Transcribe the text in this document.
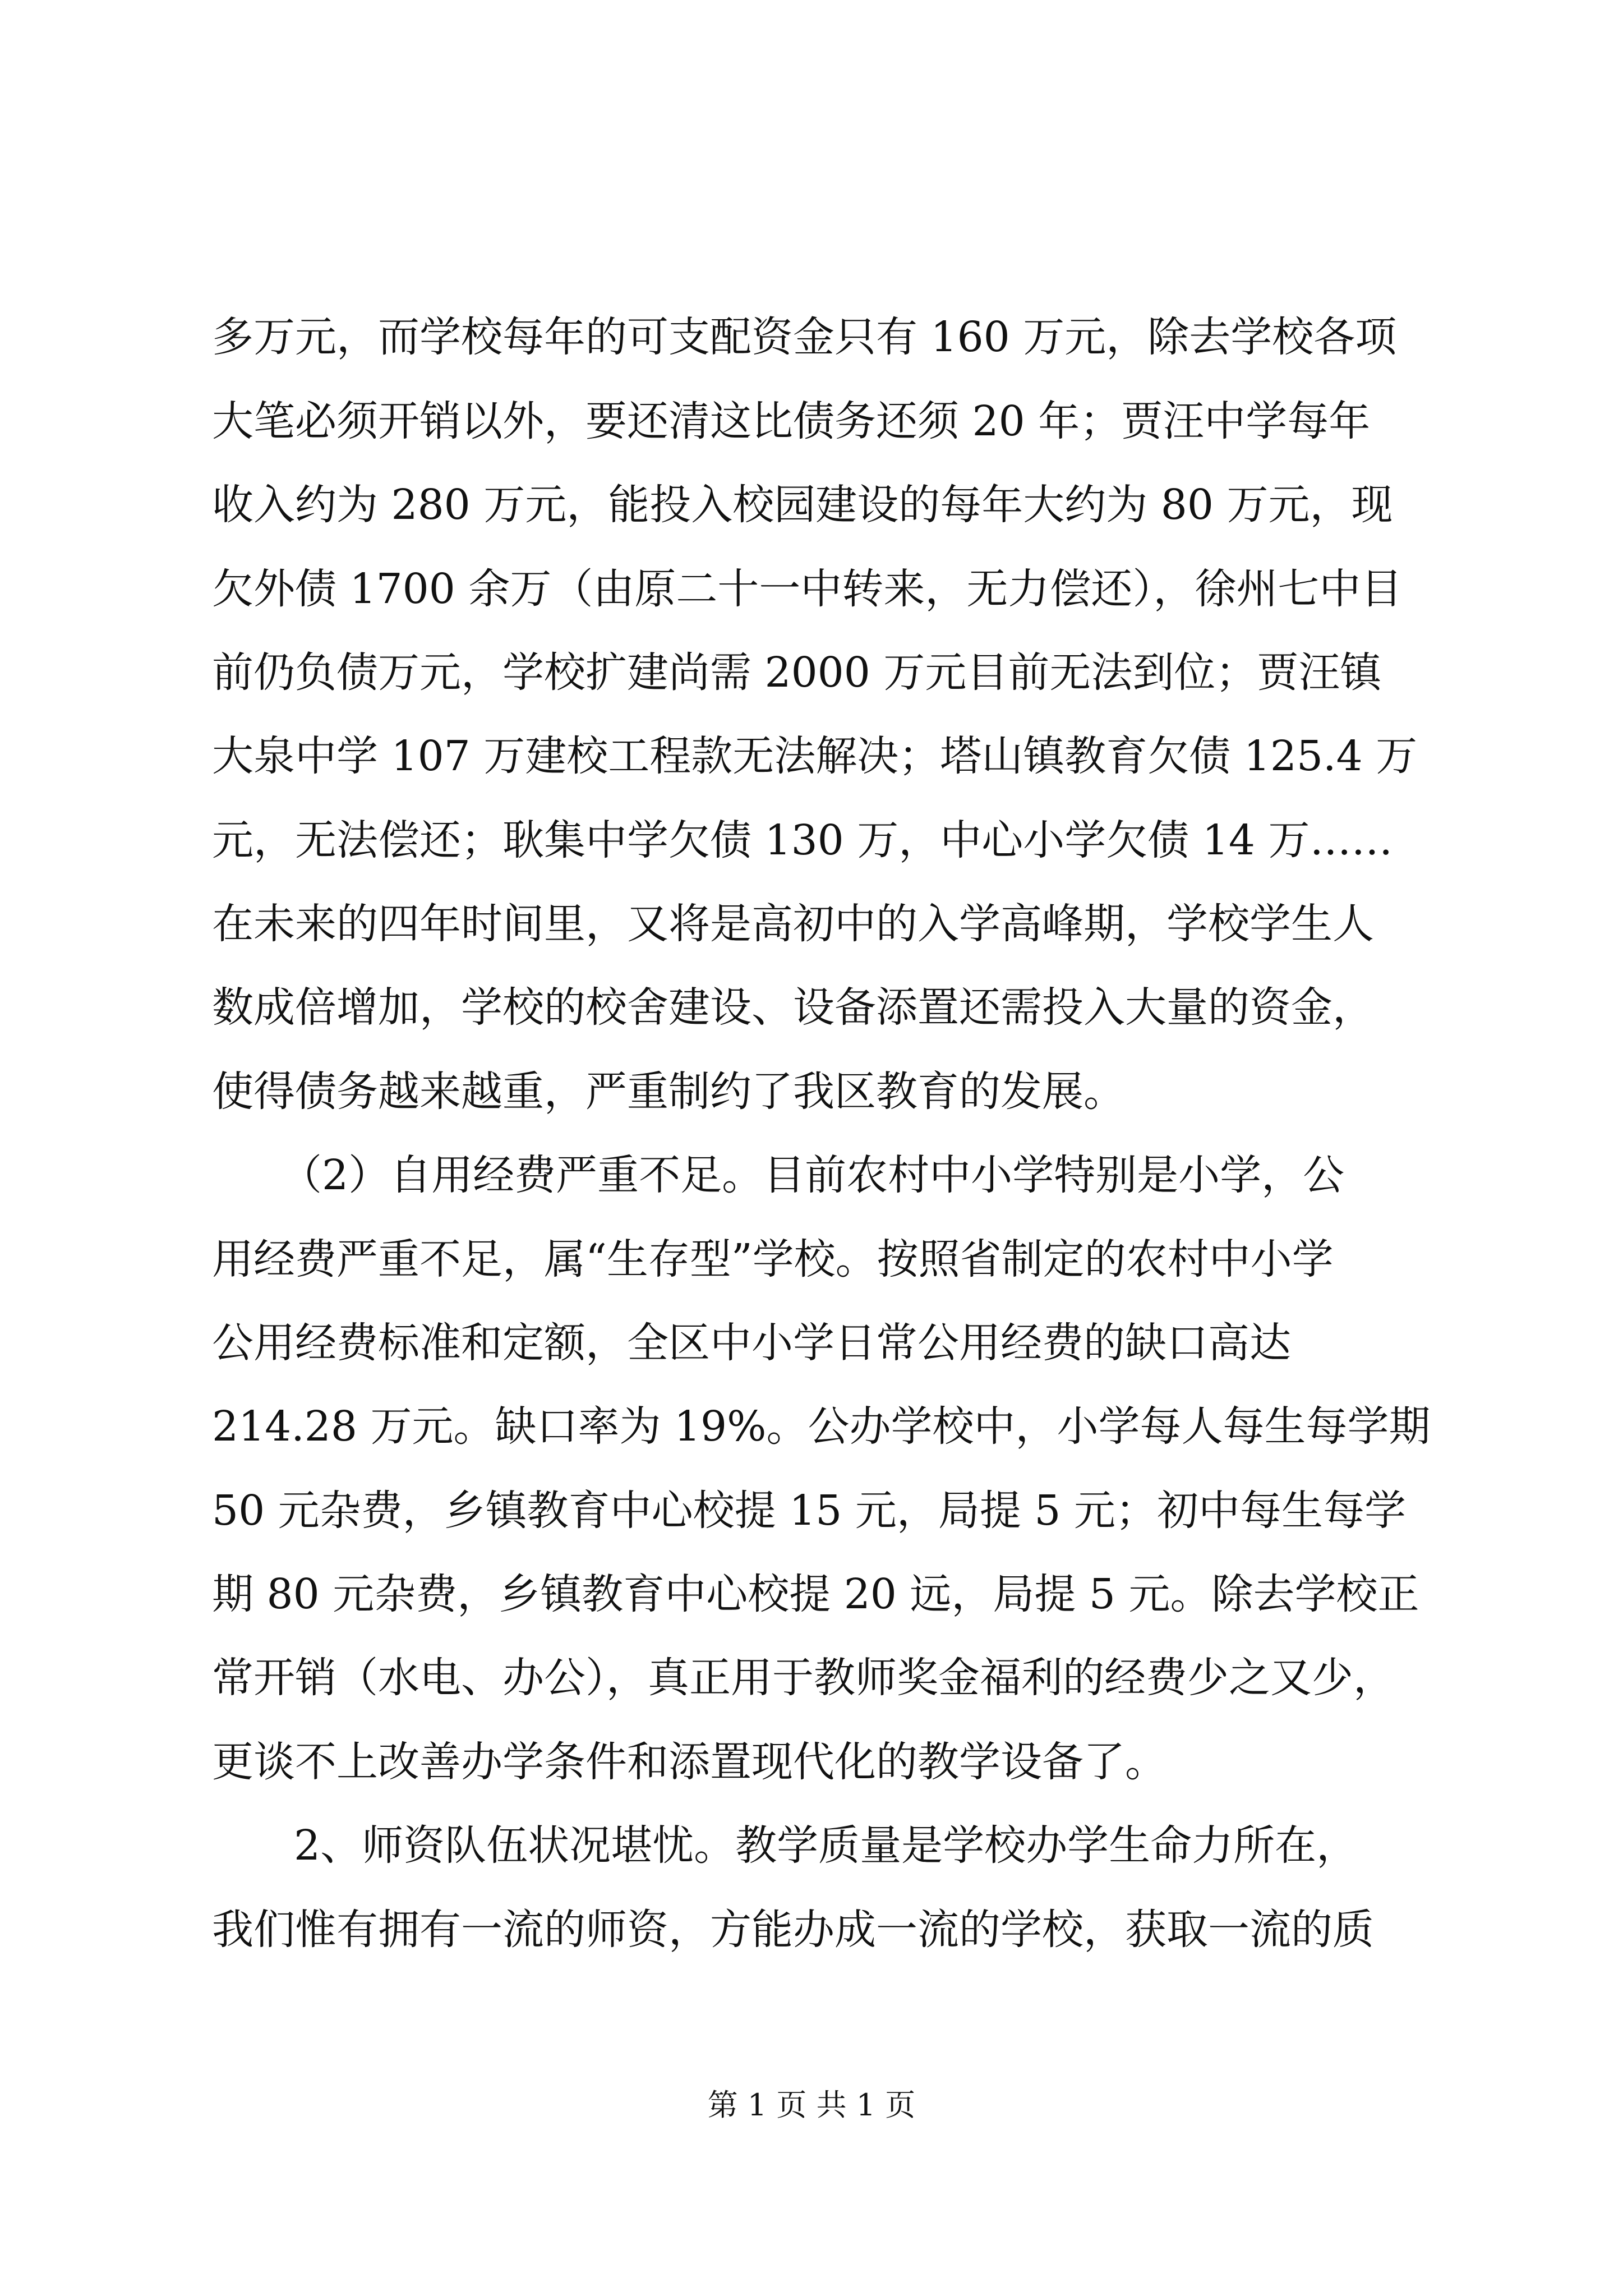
多万元，而学校每年的可支配资金只有 160 万元，除去学校各项
大笔必须开销以外，要还清这比债务还须 20 年；贾汪中学每年
收入约为 280 万元，能投入校园建设的每年大约为 80 万元，现
欠外债 1700 余万（由原二十一中转来，无力偿还），徐州七中目
前仍负债万元，学校扩建尚需 2000 万元目前无法到位；贾汪镇
大泉中学 107 万建校工程款无法解决；塔山镇教育欠债 125.4 万
元，无法偿还；耿集中学欠债 130 万，中心小学欠债 14 万……
在未来的四年时间里，又将是高初中的入学高峰期，学校学生人
数成倍增加，学校的校舍建设、设备添置还需投入大量的资金，
使得债务越来越重，严重制约了我区教育的发展。
（2）自用经费严重不足。目前农村中小学特别是小学，公
用经费严重不足，属“生存型”学校。按照省制定的农村中小学
公用经费标准和定额，全区中小学日常公用经费的缺口高达
214.28 万元。缺口率为 19%。公办学校中，小学每人每生每学期
50 元杂费，乡镇教育中心校提 15 元，局提 5 元；初中每生每学
期 80 元杂费，乡镇教育中心校提 20 远，局提 5 元。除去学校正
常开销（水电、办公），真正用于教师奖金福利的经费少之又少，
更谈不上改善办学条件和添置现代化的教学设备了。
2、师资队伍状况堪忧。教学质量是学校办学生命力所在，
我们惟有拥有一流的师资，方能办成一流的学校，获取一流的质
第 1 页 共 1 页
